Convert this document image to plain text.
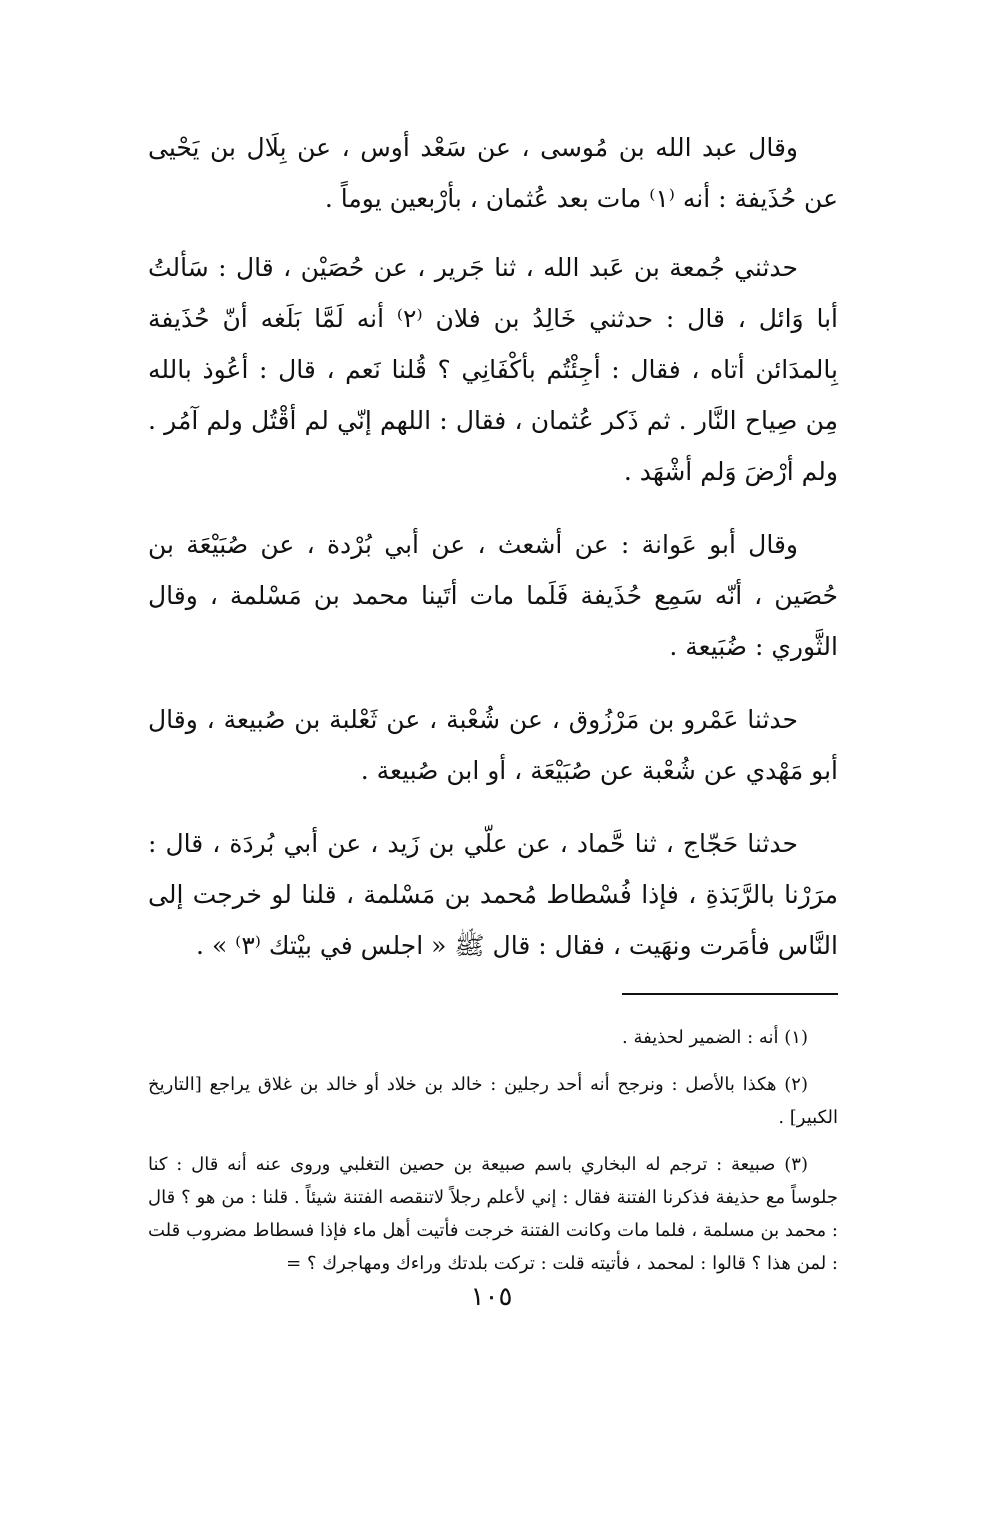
وقال عبد الله بن مُوسى ، عن سَعْد أوس ، عن بِلَال بن يَحْيى عن حُذَيفة : أنه ⁽١⁾ مات بعد عُثمان ، بأرْبعين يوماً .

حدثني جُمعة بن عَبد الله ، ثنا جَرير ، عن حُصَيْن ، قال : سَألتُ أبا وَائل ، قال : حدثني خَالِدُ بن فلان ⁽٢⁾ أنه لَمَّا بَلَغه أنّ حُذَيفة بِالمدَائن أتاه ، فقال : أجِئْتُم بأكْفَانِي ؟ قُلنا نَعم ، قال : أعُوذ بالله مِن صِياح النَّار . ثم ذَكر عُثمان ، فقال : اللهم إنّي لم أقْتُل ولم آمُر . ولم أرْضَ وَلم أشْهَد .

وقال أبو عَوانة : عن أشعث ، عن أبي بُرْدة ، عن صُبَيْعَة بن حُصَين ، أنّه سَمِع حُذَيفة فَلَما مات أتَينا محمد بن مَسْلمة ، وقال الثَّوري : ضُبَيعة .

حدثنا عَمْرو بن مَرْزُوق ، عن شُعْبة ، عن ثَعْلبة بن صُبيعة ، وقال أبو مَهْدي عن شُعْبة عن صُبَيْعَة ، أو ابن صُبيعة .

حدثنا حَجّاج ، ثنا حَّماد ، عن علّي بن زَيد ، عن أبي بُردَة ، قال : مرَرْنا بالرَّبَذةِ ، فإذا فُسْطاط مُحمد بن مَسْلمة ، قلنا لو خرجت إلى النَّاس فأمَرت ونهَيت ، فقال : قال ﷺ « اجلس في بيْتك ⁽٣⁾ » .

(١) أنه : الضمير لحذيفة .

(٢) هكذا بالأصل : ونرجح أنه أحد رجلين : خالد بن خلاد أو خالد بن غلاق يراجع [التاريخ الكبير] .

(٣) صبيعة : ترجم له البخاري باسم صبيعة بن حصين التغلبي وروى عنه أنه قال : كنا جلوساً مع حذيفة فذكرنا الفتنة فقال : إني لأعلم رجلاً لاتنقصه الفتنة شيئاً . قلنا : من هو ؟ قال : محمد بن مسلمة ، فلما مات وكانت الفتنة خرجت فأتيت أهل ماء فإذا فسطاط مضروب قلت : لمن هذا ؟ قالوا : لمحمد ، فأتيته قلت : تركت بلدتك وراءك ومهاجرك ؟ =

١٠٥
